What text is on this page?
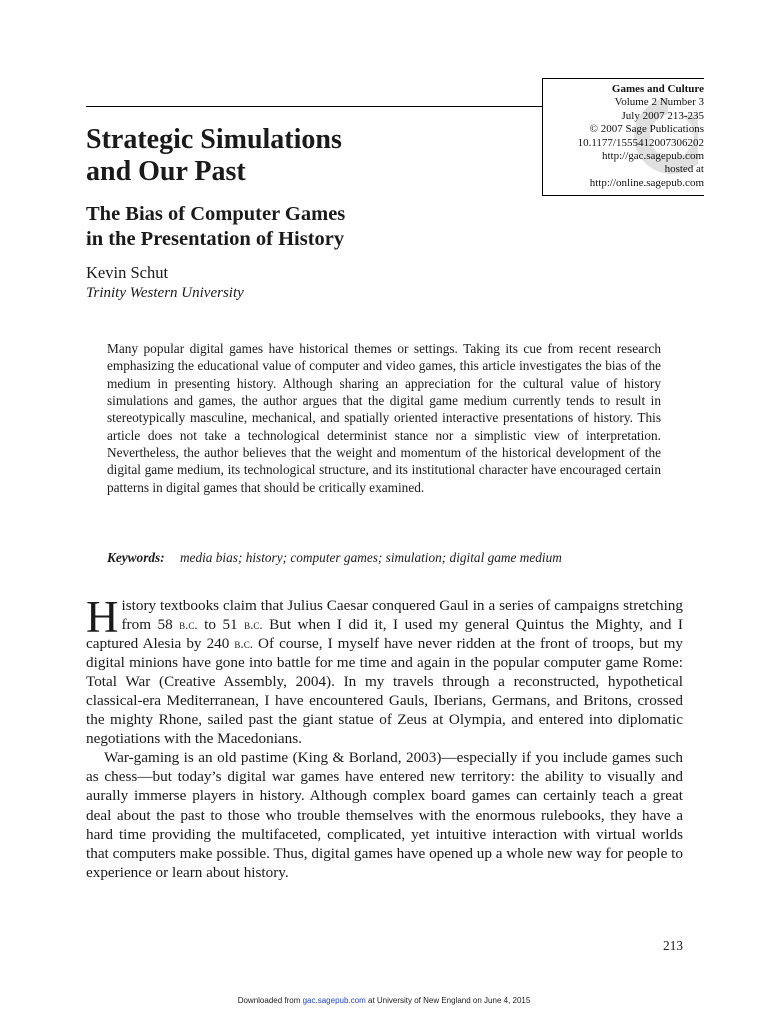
Games and Culture
Volume 2 Number 3
July 2007 213-235
© 2007 Sage Publications
10.1177/1555412007306202
http://gac.sagepub.com
hosted at
http://online.sagepub.com
Strategic Simulations
and Our Past
The Bias of Computer Games
in the Presentation of History
Kevin Schut
Trinity Western University

Many popular digital games have historical themes or settings. Taking its cue from recent research emphasizing the educational value of computer and video games, this article investigates the bias of the medium in presenting history. Although sharing an appreciation for the cultural value of history simulations and games, the author argues that the digital game medium currently tends to result in stereotypically masculine, mechanical, and spatially oriented interactive presentations of history. This article does not take a technological determinist stance nor a simplistic view of interpretation. Nevertheless, the author believes that the weight and momentum of the historical development of the digital game medium, its technological structure, and its institutional character have encouraged certain patterns in digital games that should be critically examined.

Keywords: media bias; history; computer games; simulation; digital game medium

History textbooks claim that Julius Caesar conquered Gaul in a series of campaigns stretching from 58 b.c. to 51 b.c. But when I did it, I used my general Quintus the Mighty, and I captured Alesia by 240 b.c. Of course, I myself have never ridden at the front of troops, but my digital minions have gone into battle for me time and again in the popular computer game Rome: Total War (Creative Assembly, 2004). In my travels through a reconstructed, hypothetical classical-era Mediterranean, I have encountered Gauls, Iberians, Germans, and Britons, crossed the mighty Rhone, sailed past the giant statue of Zeus at Olympia, and entered into diplomatic negotiations with the Macedonians.

War-gaming is an old pastime (King & Borland, 2003)—especially if you include games such as chess—but today’s digital war games have entered new territory: the ability to visually and aurally immerse players in history. Although complex board games can certainly teach a great deal about the past to those who trouble themselves with the enormous rulebooks, they have a hard time providing the multifaceted, complicated, yet intuitive interaction with virtual worlds that computers make possible. Thus, digital games have opened up a whole new way for people to experience or learn about history.

213
Downloaded from gac.sagepub.com at University of New England on June 4, 2015
